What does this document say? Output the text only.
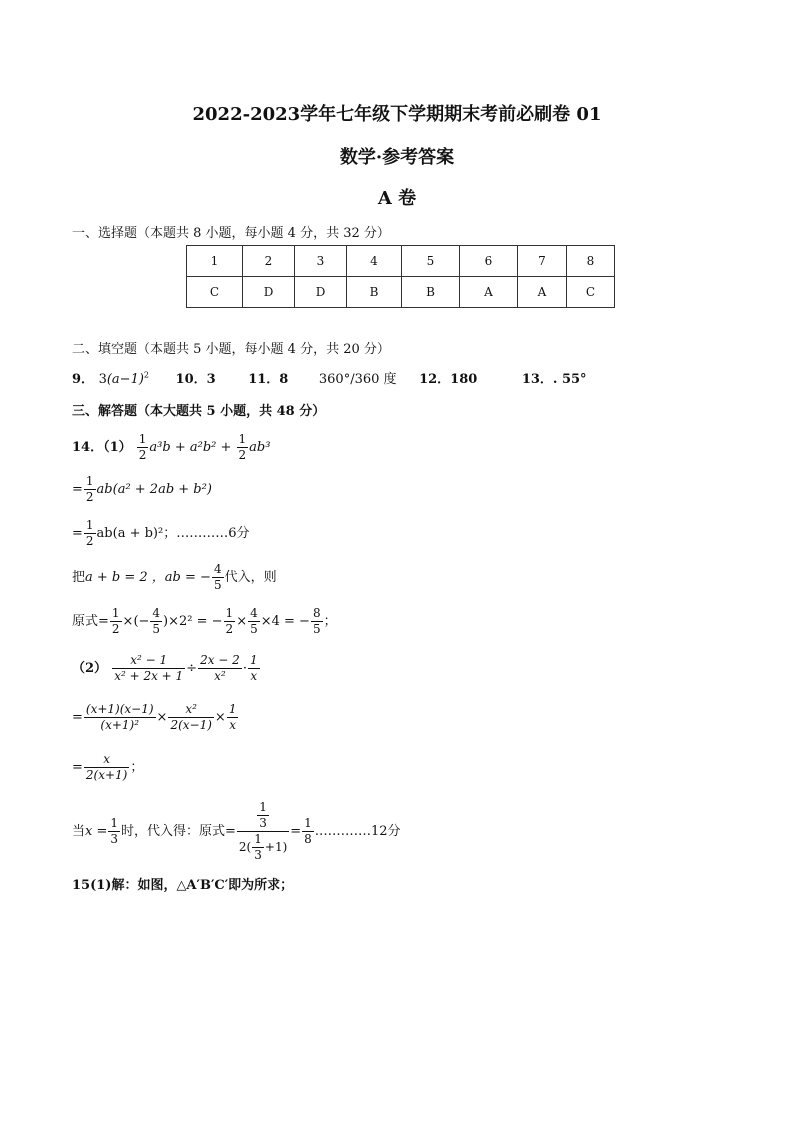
2022-2023学年七年级下学期期末考前必刷卷 01
数学·参考答案
A 卷
一、选择题（本题共 8 小题，每小题 4 分，共 32 分）
1	2	3	4	5	6	7	8
C	D	D	B	B	A	A	C
二、填空题（本题共 5 小题，每小题 4 分，共 20 分）
9． $3(a-1)^2$ 10．3	11．8 360°/360 度 12．180	13．. 55°
三、解答题（本大题共 5 小题，共 48 分）
14．$(1) \frac{1}{2} a^3b + a^2b^2 + \frac{1}{2} ab^3$
= $\frac{1}{2} ab(a^2 + 2ab + b^2)$
= $\frac{1}{2} ab(a + b)^2$；…………6分
把a + b = 2 ，ab = − $\frac{4}{5}$ 代入，则
原式= $\frac{1}{2}$ ×(− $\frac{4}{5} )\times 2^2$ = − $\frac{1}{2} \times \frac{4}{5} \times 4$ = − $\frac{8}{5}$ ；
$(2) \frac{\text{x² − 1}}{\text{x² + 2x + 1}} \div \frac{2x - 2}{\text{x²}} \cdot \frac{1}{x}$
= $\frac{(x+1)(x-1)}{\text{(x+1)²}} \times \frac{\text{x²}}{2(x-1)} \times \frac{1}{x}$
= $\frac{x}{2(x+1)}$ ；
当$x = \frac{1}{3}$ 时，代入得：原式= $\frac{\frac{1}{3}}{2( \frac{1}{3} +1)} = \frac{1}{8}$ .…………12分
15(1)解：如图，△A′B′C′即为所求；
